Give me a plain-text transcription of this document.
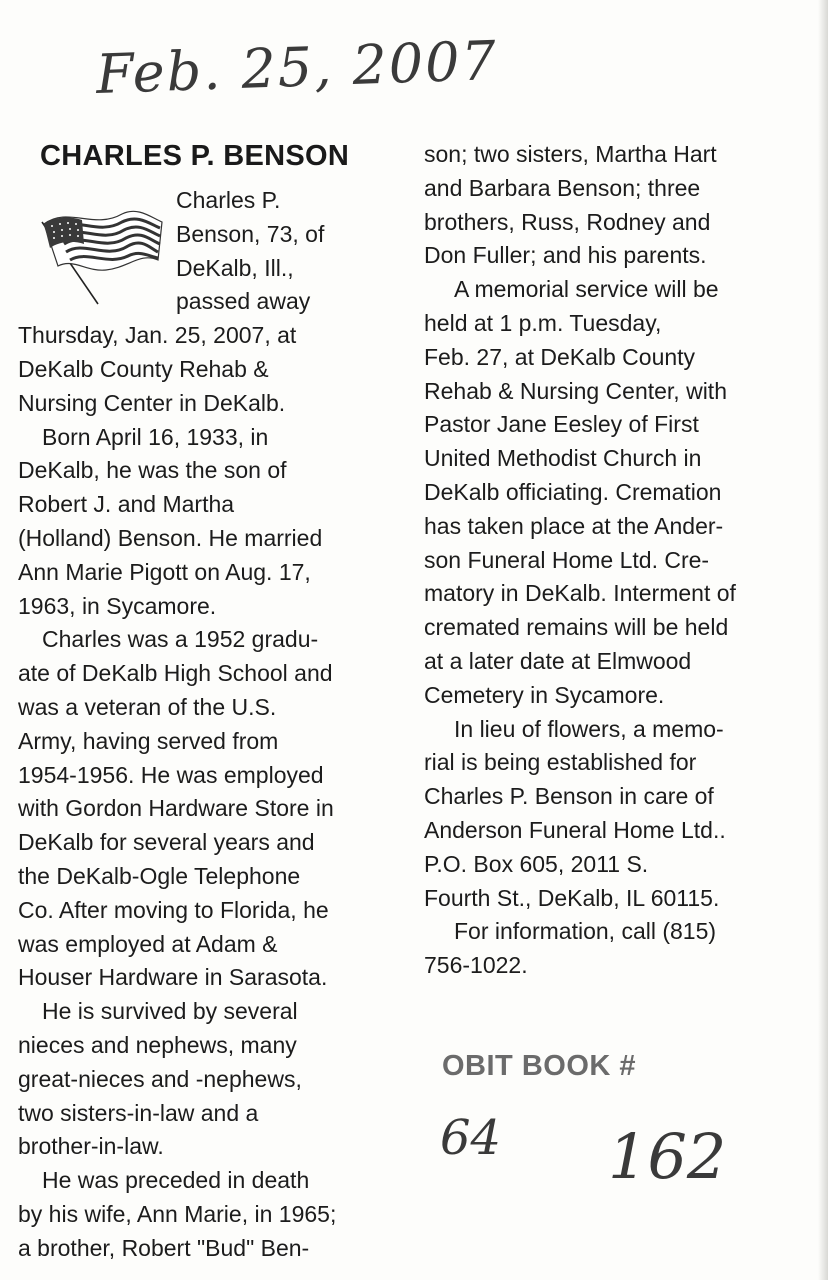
Feb. 25, 2007
CHARLES P. BENSON
Charles P.
Benson, 73, of
DeKalb, Ill.,
passed away
Thursday, Jan. 25, 2007, at
DeKalb County Rehab &
Nursing Center in DeKalb.
Born April 16, 1933, in
DeKalb, he was the son of
Robert J. and Martha
(Holland) Benson. He married
Ann Marie Pigott on Aug. 17,
1963, in Sycamore.
Charles was a 1952 gradu-
ate of DeKalb High School and
was a veteran of the U.S.
Army, having served from
1954-1956. He was employed
with Gordon Hardware Store in
DeKalb for several years and
the DeKalb-Ogle Telephone
Co. After moving to Florida, he
was employed at Adam &
Houser Hardware in Sarasota.
He is survived by several
nieces and nephews, many
great-nieces and -nephews,
two sisters-in-law and a
brother-in-law.
He was preceded in death
by his wife, Ann Marie, in 1965;
a brother, Robert "Bud" Ben-
son; two sisters, Martha Hart
and Barbara Benson; three
brothers, Russ, Rodney and
Don Fuller; and his parents.
A memorial service will be
held at 1 p.m. Tuesday,
Feb. 27, at DeKalb County
Rehab & Nursing Center, with
Pastor Jane Eesley of First
United Methodist Church in
DeKalb officiating. Cremation
has taken place at the Ander-
son Funeral Home Ltd. Cre-
matory in DeKalb. Interment of
cremated remains will be held
at a later date at Elmwood
Cemetery in Sycamore.
In lieu of flowers, a memo-
rial is being established for
Charles P. Benson in care of
Anderson Funeral Home Ltd..
P.O. Box 605, 2011 S.
Fourth St., DeKalb, IL 60115.
For information, call (815)
756-1022.
OBIT BOOK #
64 162
